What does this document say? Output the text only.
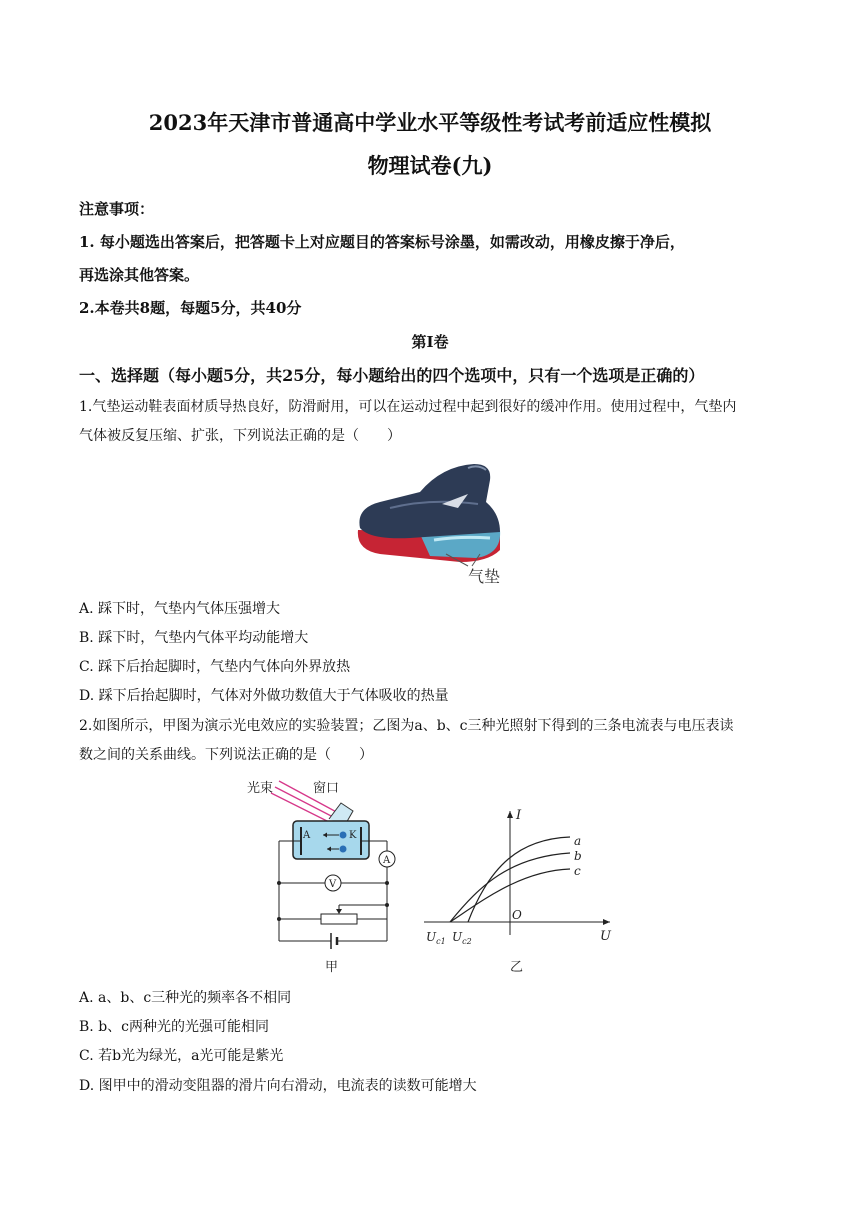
2023年天津市普通高中学业水平等级性考试考前适应性模拟
物理试卷(九)
注意事项：
1. 每小题选出答案后，把答题卡上对应题目的答案标号涂墨，如需改动，用橡皮擦于净后，
再选涂其他答案。
2.本卷共8题，每题5分，共40分
第I卷
一、选择题（每小题5分，共25分，每小题给出的四个选项中，只有一个选项是正确的）
1.气垫运动鞋表面材质导热良好，防滑耐用，可以在运动过程中起到很好的缓冲作用。使用过程中，气垫内
气体被反复压缩、扩张，下列说法正确的是（　　）
气垫
A. 踩下时，气垫内气体压强增大
B. 踩下时，气垫内气体平均动能增大
C. 踩下后抬起脚时，气垫内气体向外界放热
D. 踩下后抬起脚时，气体对外做功数值大于气体吸收的热量
2.如图所示，甲图为演示光电效应的实验装置；乙图为a、b、c三种光照射下得到的三条电流表与电压表读
数之间的关系曲线。下列说法正确的是（　　）
光束	窗口
A	K
A
V
甲
I
U
O
a
b
c
$U_{c1}$ $U_{c2}$
乙
A. a、b、c三种光的频率各不相同
B. b、c两种光的光强可能相同
C. 若b光为绿光，a光可能是紫光
D. 图甲中的滑动变阻器的滑片向右滑动，电流表的读数可能增大
